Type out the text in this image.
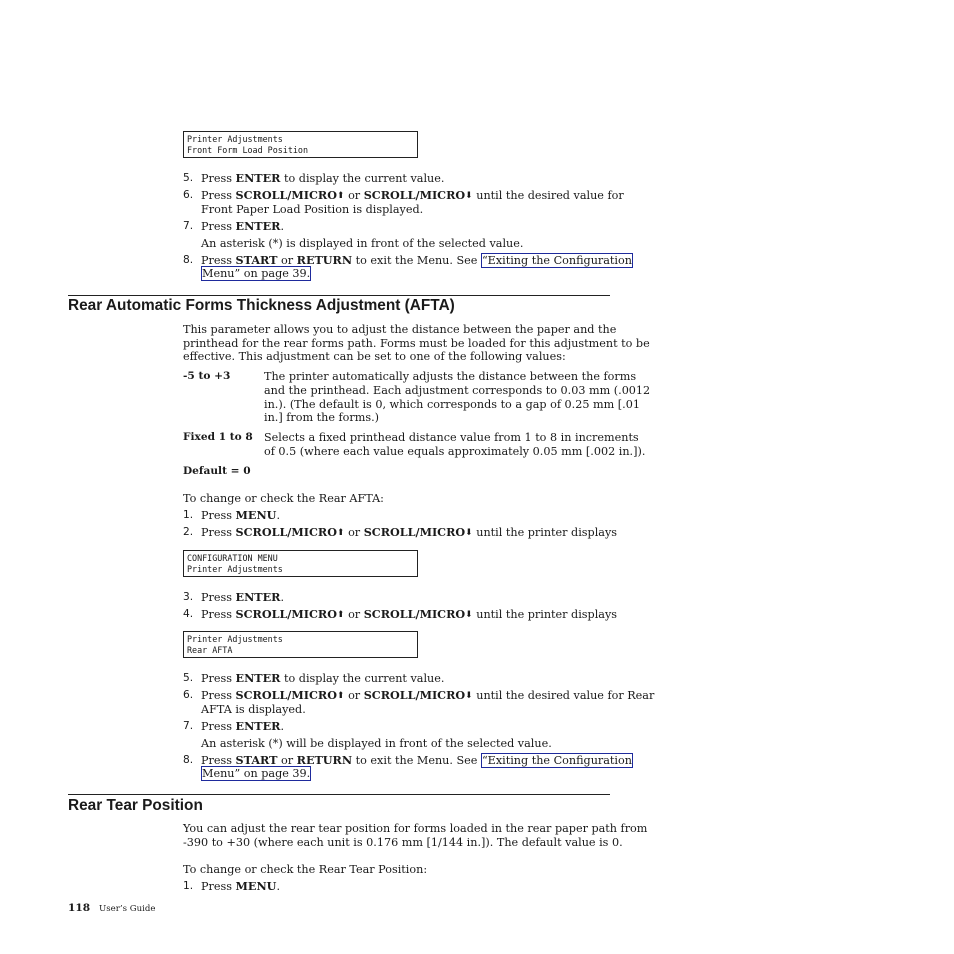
Printer Adjustments
Front Form Load Position
5. Press ENTER to display the current value.
6. Press SCROLL/MICRO⬆ or SCROLL/MICRO⬇ until the desired value for
Front Paper Load Position is displayed.
7. Press ENTER.
An asterisk (*) is displayed in front of the selected value.
8. Press START or RETURN to exit the Menu. See “Exiting the Configuration
Menu” on page 39.
Rear Automatic Forms Thickness Adjustment (AFTA)
This parameter allows you to adjust the distance between the paper and the
printhead for the rear forms path. Forms must be loaded for this adjustment to be
effective. This adjustment can be set to one of the following values:
-5 to +3	The printer automatically adjusts the distance between the forms
and the printhead. Each adjustment corresponds to 0.03 mm (.0012
in.). (The default is 0, which corresponds to a gap of 0.25 mm [.01
in.] from the forms.)
Fixed 1 to 8 Selects a fixed printhead distance value from 1 to 8 in increments
of 0.5 (where each value equals approximately 0.05 mm [.002 in.]).
Default = 0
To change or check the Rear AFTA:
1. Press MENU.
2. Press SCROLL/MICRO⬆ or SCROLL/MICRO⬇ until the printer displays
CONFIGURATION MENU
Printer Adjustments
3. Press ENTER.
4. Press SCROLL/MICRO⬆ or SCROLL/MICRO⬇ until the printer displays
Printer Adjustments
Rear AFTA
5. Press ENTER to display the current value.
6. Press SCROLL/MICRO⬆ or SCROLL/MICRO⬇ until the desired value for Rear
AFTA is displayed.
7. Press ENTER.
An asterisk (*) will be displayed in front of the selected value.
8. Press START or RETURN to exit the Menu. See “Exiting the Configuration
Menu” on page 39.
Rear Tear Position
You can adjust the rear tear position for forms loaded in the rear paper path from
-390 to +30 (where each unit is 0.176 mm [1/144 in.]). The default value is 0.
To change or check the Rear Tear Position:
1. Press MENU.
118 User’s Guide
